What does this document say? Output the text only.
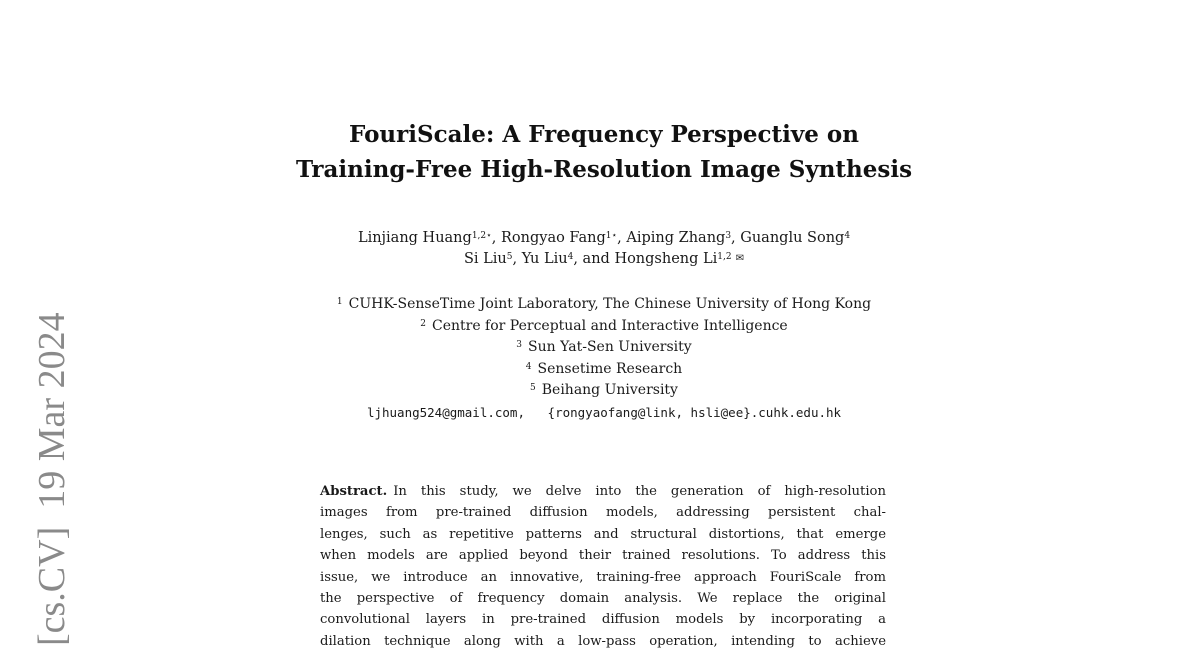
[cs.CV]19 Mar 2024
FouriScale: A Frequency Perspective on
Training-Free High-Resolution Image Synthesis
Linjiang Huang$^{1,2⋆}$, Rongyao Fang$^{1⋆}$, Aiping Zhang$^3$, Guanglu Song$^4$
Si Liu$^5$, Yu Liu$^4$, and Hongsheng Li$^{1,2}$ ✉
$^1$ CUHK-SenseTime Joint Laboratory, The Chinese University of Hong Kong
$^2$ Centre for Perceptual and Interactive Intelligence
$^3$ Sun Yat-Sen University
$^4$ Sensetime Research
$^5$ Beihang University
ljhuang524@gmail.com,   {rongyaofang@link, hsli@ee}.cuhk.edu.hk
Abstract. In this study, we delve into the generation of high-resolution
images from pre-trained diffusion models, addressing persistent chal-
lenges, such as repetitive patterns and structural distortions, that emerge
when models are applied beyond their trained resolutions. To address this
issue, we introduce an innovative, training-free approach FouriScale from
the perspective of frequency domain analysis. We replace the original
convolutional layers in pre-trained diffusion models by incorporating a
dilation technique along with a low-pass operation, intending to achieve
